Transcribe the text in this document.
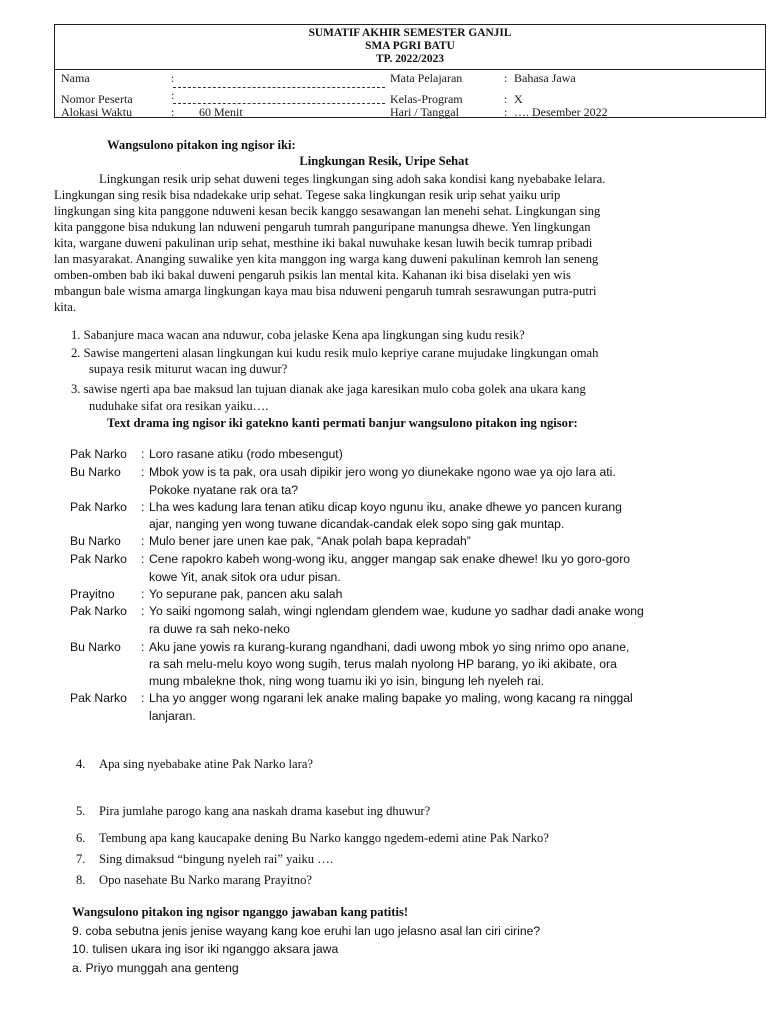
SUMATIF AKHIR SEMESTER GANJIL
SMA PGRI BATU
TP. 2022/2023
Nama	:
Nomor Peserta	:
Alokasi Waktu	: 60 Menit
Mata Pelajaran	: Bahasa Jawa
Kelas-Program	: X
Hari / Tanggal	: …. Desember 2022
Wangsulono pitakon ing ngisor iki:
Lingkungan Resik, Uripe Sehat
Lingkungan resik urip sehat duweni teges lingkungan sing adoh saka kondisi kang nyebabake lelara.
Lingkungan sing resik bisa ndadekake urip sehat. Tegese saka lingkungan resik urip sehat yaiku urip
lingkungan sing kita panggone nduweni kesan becik kanggo sesawangan lan menehi sehat. Lingkungan sing
kita panggone bisa ndukung lan nduweni pengaruh tumrah panguripane manungsa dhewe. Yen lingkungan
kita, wargane duweni pakulinan urip sehat, mesthine iki bakal nuwuhake kesan luwih becik tumrap pribadi
lan masyarakat. Ananging suwalike yen kita manggon ing warga kang duweni pakulinan kemroh lan seneng
omben-omben bab iki bakal duweni pengaruh psikis lan mental kita. Kahanan iki bisa diselaki yen wis
mbangun bale wisma amarga lingkungan kaya mau bisa nduweni pengaruh tumrah sesrawungan putra-putri
kita.
1. Sabanjure maca wacan ana nduwur, coba jelaske Kena apa lingkungan sing kudu resik?
2. Sawise mangerteni alasan lingkungan kui kudu resik mulo kepriye carane mujudake lingkungan omah
supaya resik miturut wacan ing duwur?
3. sawise ngerti apa bae maksud lan tujuan dianak ake jaga karesikan mulo coba golek ana ukara kang
nuduhake sifat ora resikan yaiku….
Text drama ing ngisor iki gatekno kanti permati banjur wangsulono pitakon ing ngisor:
Pak Narko : Loro rasane atiku (rodo mbesengut)
Bu Narko : Mbok yow is ta pak, ora usah dipikir jero wong yo diunekake ngono wae ya ojo lara ati.
Pokoke nyatane rak ora ta?
Pak Narko : Lha wes kadung lara tenan atiku dicap koyo ngunu iku, anake dhewe yo pancen kurang
ajar, nanging yen wong tuwane dicandak-candak elek sopo sing gak muntap.
Bu Narko : Mulo bener jare unen kae pak, “Anak polah bapa kepradah”
Pak Narko : Cene rapokro kabeh wong-wong iku, angger mangap sak enake dhewe! Iku yo goro-goro
kowe Yit, anak sitok ora udur pisan.
Prayitno : Yo sepurane pak, pancen aku salah
Pak Narko : Yo saiki ngomong salah, wingi nglendam glendem wae, kudune yo sadhar dadi anake wong
ra duwe ra sah neko-neko
Bu Narko : Aku jane yowis ra kurang-kurang ngandhani, dadi uwong mbok yo sing nrimo opo anane,
ra sah melu-melu koyo wong sugih, terus malah nyolong HP barang, yo iki akibate, ora
mung mbalekne thok, ning wong tuamu iki yo isin, bingung leh nyeleh rai.
Pak Narko : Lha yo angger wong ngarani lek anake maling bapake yo maling, wong kacang ra ninggal
lanjaran.
4. Apa sing nyebabake atine Pak Narko lara?
5. Pira jumlahe parogo kang ana naskah drama kasebut ing dhuwur?
6. Tembung apa kang kaucapake dening Bu Narko kanggo ngedem-edemi atine Pak Narko?
7. Sing dimaksud “bingung nyeleh rai” yaiku ….
8. Opo nasehate Bu Narko marang Prayitno?
Wangsulono pitakon ing ngisor nganggo jawaban kang patitis!
9. coba sebutna jenis jenise wayang kang koe eruhi lan ugo jelasno asal lan ciri cirine?
10. tulisen ukara ing isor iki nganggo aksara jawa
a. Priyo munggah ana genteng
